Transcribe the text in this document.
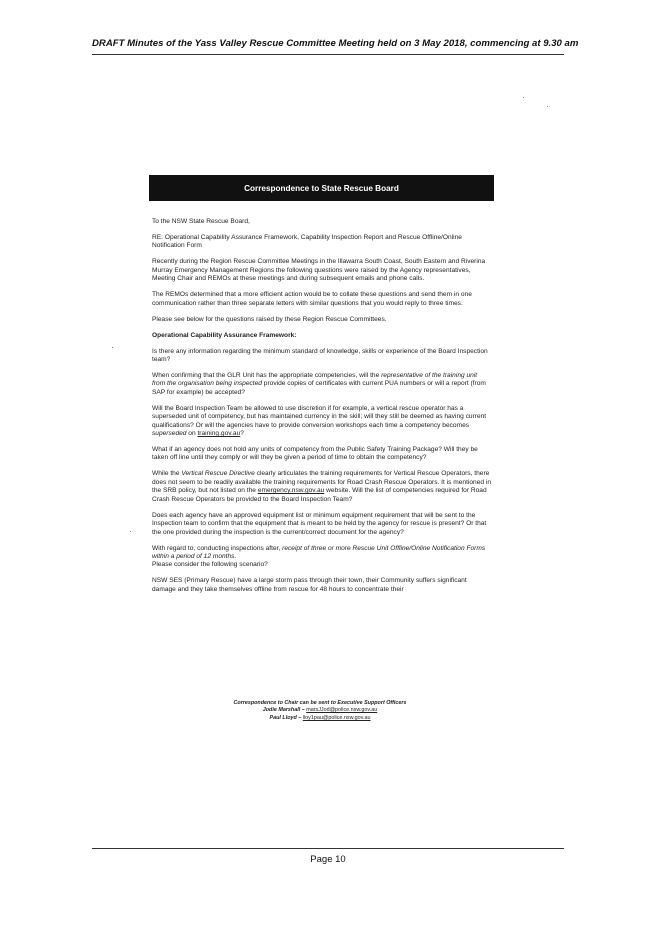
DRAFT Minutes of the Yass Valley Rescue Committee Meeting held on 3 May 2018, commencing at 9.30 am
Correspondence to State Rescue Board

To the NSW State Rescue Board,

RE: Operational Capability Assurance Framework, Capability Inspection Report and Rescue Offline/Online Notification Form

Recently during the Region Rescue Committee Meetings in the Illawarra South Coast, South Eastern and Riverina Murray Emergency Management Regions the following questions were raised by the Agency representatives, Meeting Chair and REMOs at these meetings and during subsequent emails and phone calls.

The REMOs determined that a more efficient action would be to collate these questions and send them in one communication rather than three separate letters with similar questions that you would reply to three times.

Please see below for the questions raised by these Region Rescue Committees.

Operational Capability Assurance Framework:

Is there any information regarding the minimum standard of knowledge, skills or experience of the Board Inspection team?

When confirming that the GLR Unit has the appropriate competencies, will the representative of the training unit from the organisation being inspected provide copies of certificates with current PUA numbers or will a report (from SAP for example) be accepted?

Will the Board Inspection Team be allowed to use discretion if for example, a vertical rescue operator has a superseded unit of competency, but has maintained currency in the skill; will they still be deemed as having current qualifications? Or will the agencies have to provide conversion workshops each time a competency becomes superseded on training.gov.au?

What if an agency does not hold any units of competency from the Public Safety Training Package? Will they be taken off line until they comply or will they be given a period of time to obtain the competency?

While the Vertical Rescue Directive clearly articulates the training requirements for Vertical Rescue Operators, there does not seem to be readily available the training requirements for Road Crash Rescue Operators. It is mentioned in the SRB policy, but not listed on the emergency.nsw.gov.au website. Will the list of competencies required for Road Crash Rescue Operators be provided to the Board Inspection Team?

Does each agency have an approved equipment list or minimum equipment requirement that will be sent to the Inspection team to confirm that the equipment that is meant to be held by the agency for rescue is present? Or that the one provided during the inspection is the current/correct document for the agency?

With regard to, conducting inspections after, receipt of three or more Rescue Unit Offline/Online Notification Forms within a period of 12 months.
Please consider the following scenario?

NSW SES (Primary Rescue) have a large storm pass through their town, their Community suffers significant damage and they take themselves offline from rescue for 48 hours to concentrate their

Correspondence to Chair can be sent to Executive Support Officers
Jodie Marshall – marsJJod@police.nsw.gov.au
Paul Lloyd – lloy1pau@police.nsw.gov.au
Page 10
